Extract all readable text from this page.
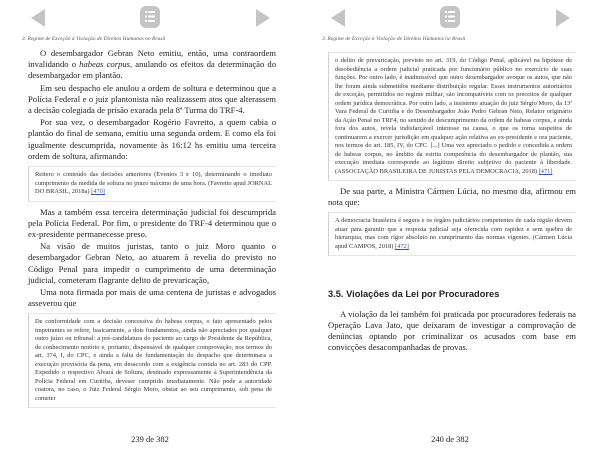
3. Regime de Exceção à Violação de Direitos Humanos no Brasil

O desembargador Gebran Neto emitiu, então, uma contraordem invalidando o habeas corpus, anulando os efeitos da determinação do desembargador em plantão.

Em seu despacho ele anulou a ordem de soltura e determinou que a Polícia Federal e o juiz plantonista não realizassem atos que alterassem a decisão colegiada de prisão exarada pela 8ª Turma do TRF-4.

Por sua vez, o desembargador Rogério Favretto, a quem cabia o plantão do final de semana, emitiu uma segunda ordem. E como ela foi igualmente descumprida, novamente às 16:12 hs emitiu uma terceira ordem de soltura, afirmando:

Reitero o conteúdo das decisões anteriores (Eventos 3 e 10), determinando o imediato cumprimento da medida de soltura no prazo máximo de uma hora. (Favretto apud JORNAL DO BRASIL, 2018a) [470]

Mas a também essa terceira determinação judicial foi descumprida pela Polícia Federal. Por fim, o presidente do TRF-4 determinou que o ex-presidente permanecesse preso.

Na visão de muitos juristas, tanto o juiz Moro quanto o desembargador Gebran Neto, ao atuarem à revelia do previsto no Código Penal para impedir o cumprimento de uma determinação judicial, cometeram flagrante delito de prevaricação,

Uma nota firmada por mais de uma centena de juristas e advogados asseverou que

De conformidade com a decisão concessiva do habeas corpus, o fato apresentado pelos impetrantes se refere, basicamente, a dois fundamentos, ainda não apreciados por qualquer outro juízo ou tribunal: a pré-candidatura do paciente ao cargo de Presidente da República, de conhecimento notório e, portanto, dispensável de qualquer comprovação, nos termos do art. 374, I, do CPC, e ainda a falta de fundamentação do despacho que determinara a execução provisória da pena, em desacordo com a exigência contida no art. 283 do CPP. Expedido o respectivo Alvará de Soltura, destinado expressamente à Superintendência da Polícia Federal em Curitiba, deveser cumprido imediatamente. Não pode a autoridade coatora, no caso, o Juiz Federal Sérgio Moro, obstar ao seu cumprimento, sob pena de cometer
239 de 382
3. Regime de Exceção à Violação de Direitos Humanos no Brasil
o delito de prevaricação, previsto no art. 319, do Código Penal, aplicável na hipótese de desobediência a ordem judicial praticada por funcionário público no exercício de suas funções. Por outro lado, é inadmissível que outro desembargador avoque os autos, que não lhe foram ainda submetidos mediante distribuição regular. Esses instrumentos autoritários de exceção, permitidos no regime militar, são incompatíveis com os preceitos de qualquer ordem jurídica democrática. Por outro lado, a insistente atuação do juiz Sérgio Moro, da 13ª Vara Federal de Curitiba e do Desembargador João Pedro Gebran Neto, Relator originário da Ação Penal no TRF4, no sentido de descumprimento da ordem de habeas corpus, e ainda fora dos autos, revela indisfarçável interesse na causa, o que os torna suspeitos de continuarem a exercer jurisdição em qualquer ação relativa ao ex-presidente e ora paciente, nos termos do art. 185, IV, do CPC. [...] Uma vez apreciado o pedido e concedida a ordem de habeas corpus, no âmbito da estrita competência do desembargador de plantão, sua execução imediata corresponde ao legítimo direito subjetivo do paciente à liberdade. (ASSOCIAÇÃO BRASILEIRA DE JURISTAS PELA DEMOCRACIA, 2018) [471]

De sua parte, a Ministra Cármen Lúcia, no mesmo dia, afirmou em nota que:

A democracia brasileira é segura e os órgãos judiciários competentes de cada região devem atuar para garantir que a resposta judicial seja oferecida com rapidez e sem quebra de hierarquia, mas com rigor absoluto no cumprimento das normas vigentes. (Cármen Lúcia apud CAMPOS, 2018) [472]
3.5. Violações da Lei por Procuradores

A violação da lei também foi praticada por procuradores federais na Operação Lava Jato, que deixaram de investigar a comprovação de denúncias optando por criminalizar os acusados com base em convicções desacompanhadas de provas.

240 de 382
